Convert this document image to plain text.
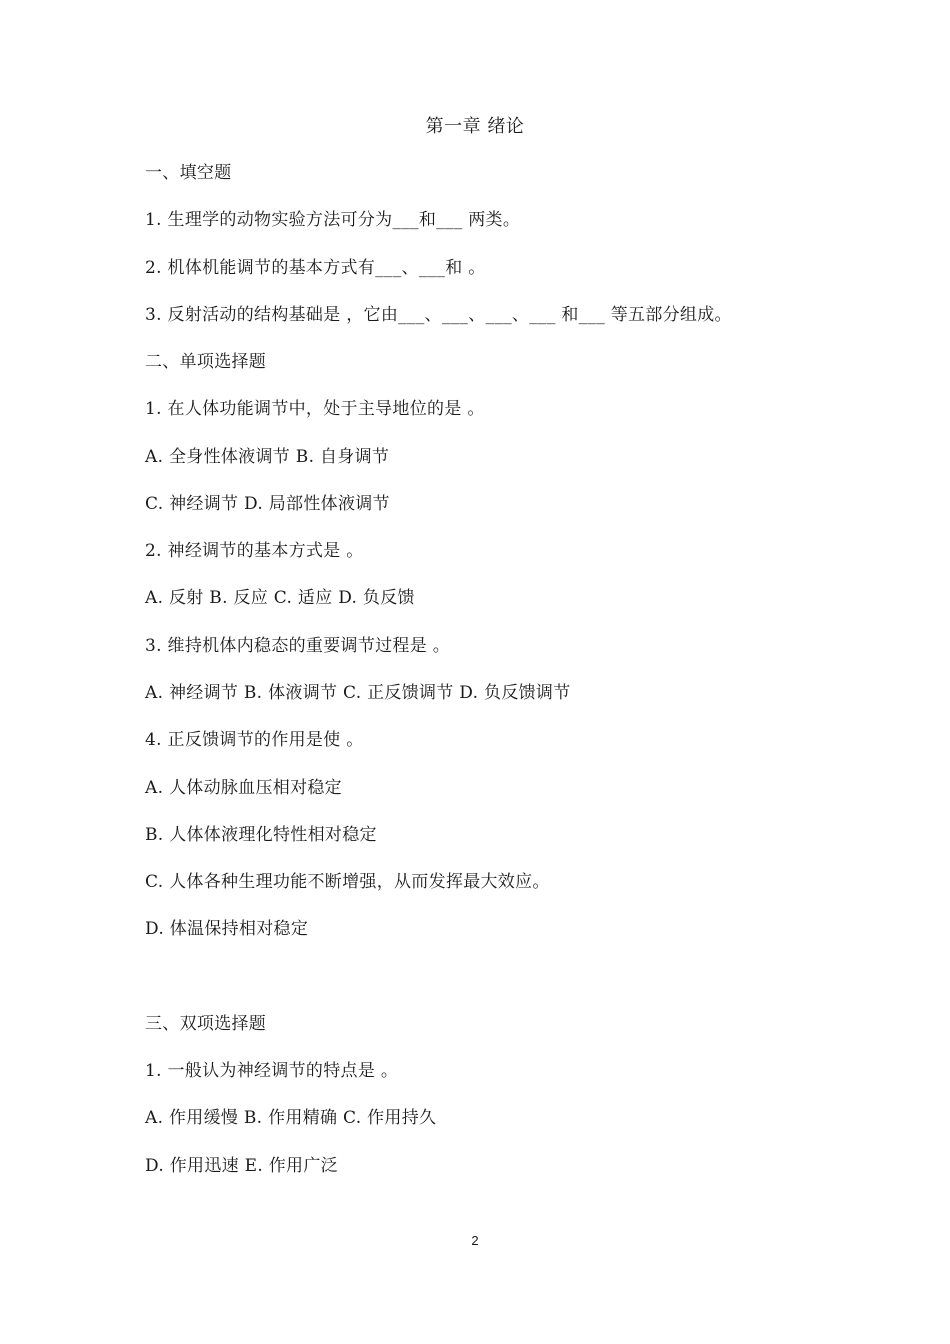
第一章 绪论
一、填空题
1. 生理学的动物实验方法可分为___和___ 两类。
2. 机体机能调节的基本方式有___、___和 。
3. 反射活动的结构基础是 ，它由___、___、___、___ 和___ 等五部分组成。
二、单项选择题
1. 在人体功能调节中，处于主导地位的是 。
A. 全身性体液调节 B. 自身调节
C. 神经调节 D. 局部性体液调节
2. 神经调节的基本方式是 。
A. 反射 B. 反应 C. 适应 D. 负反馈
3. 维持机体内稳态的重要调节过程是 。
A. 神经调节 B. 体液调节 C. 正反馈调节 D. 负反馈调节
4. 正反馈调节的作用是使 。
A. 人体动脉血压相对稳定
B. 人体体液理化特性相对稳定
C. 人体各种生理功能不断增强，从而发挥最大效应。
D. 体温保持相对稳定
三、双项选择题
1. 一般认为神经调节的特点是 。
A. 作用缓慢 B. 作用精确 C. 作用持久
D. 作用迅速 E. 作用广泛
2
